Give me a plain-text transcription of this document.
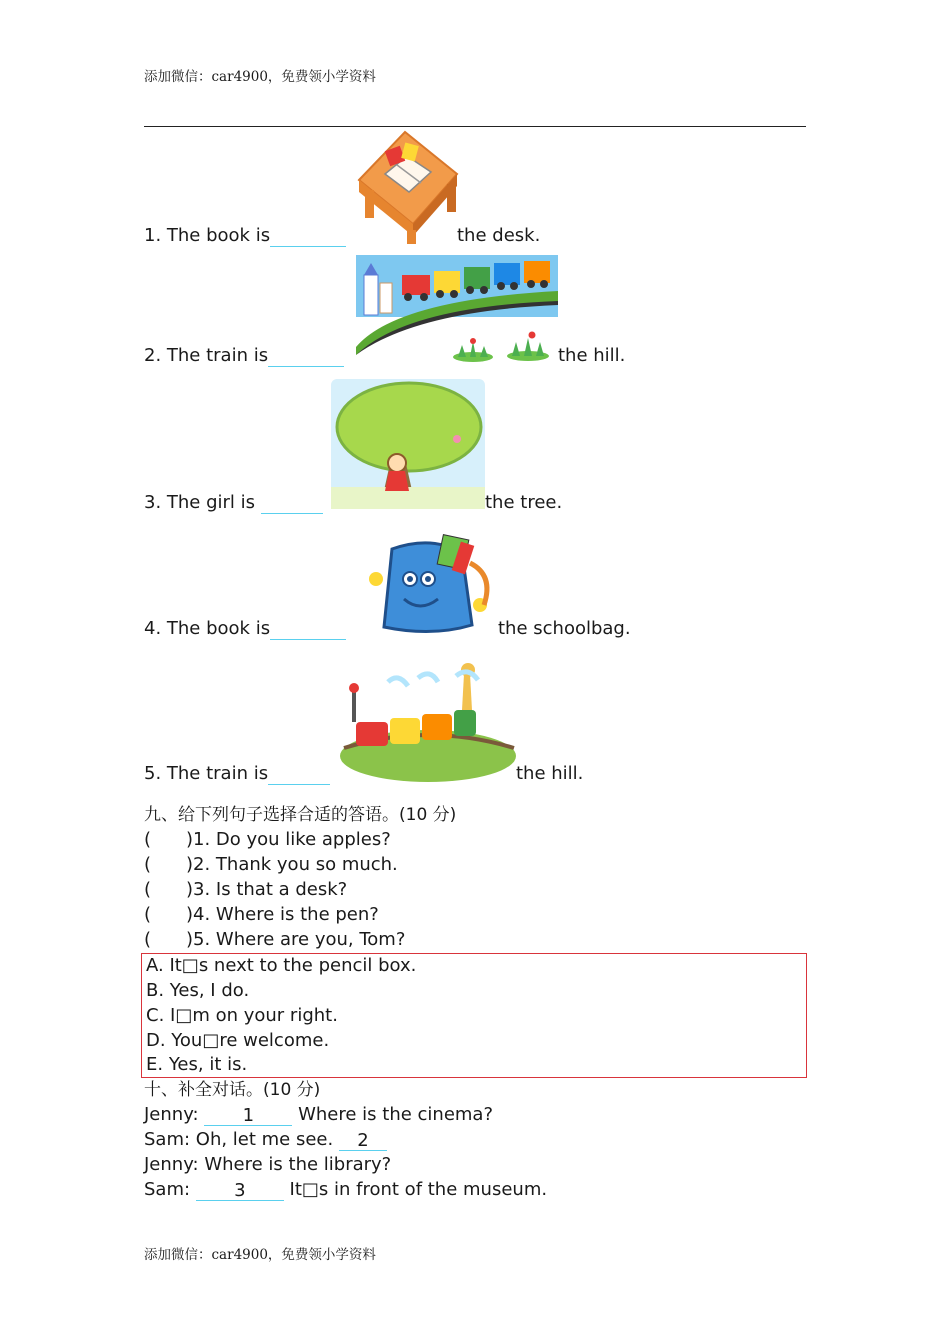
添加微信：car4900，免费领小学资料
1. The book is	the desk.
2. The train is	the hill.
3. The girl is	the tree.
4. The book is	the schoolbag.
5. The train is	the hill.
九、给下列句子选择合适的答语。(10 分)
( )1. Do you like apples?
( )2. Thank you so much.
( )3. Is that a desk?
( )4. Where is the pen?
( )5. Where are you, Tom?
A. It□s next to the pencil box.
B. Yes, I do.
C. I□m on your right.
D. You□re welcome.
E. Yes, it is.
十、补全对话。(10 分)
Jenny: 1 Where is the cinema?
Sam: Oh, let me see. 2
Jenny: Where is the library?
Sam: 3 It□s in front of the museum.
添加微信：car4900，免费领小学资料
